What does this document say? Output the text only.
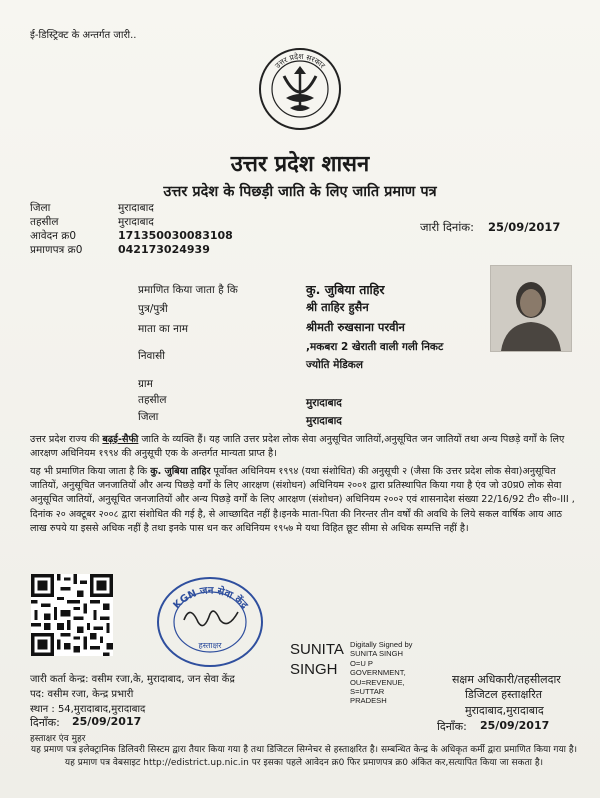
ई-डिस्ट्रिक्ट के अन्तर्गत जारी..
उत्तर प्रदेश सरकार
उत्तर प्रदेश शासन
उत्तर प्रदेश के पिछड़ी जाति के लिए जाति प्रमाण पत्र
जिला	मुरादाबाद
तहसील	मुरादाबाद
आवेदन क्र0	171350030083108
प्रमाणपत्र क्र0	042173024939
जारी दिनांक: 25/09/2017
प्रमाणित किया जाता है कि	कु. जुबिया ताहिर
पुत्र/पुत्री	श्री ताहिर हुसैन
माता का नाम	श्रीमती रुखसाना परवीन
निवासी
,मकबरा 2 खेराती वाली गली निकट
ज्योति मेडिकल
ग्राम
तहसील	मुरादाबाद
जिला	मुरादाबाद
उत्तर प्रदेश राज्य की बढ़ई-सैफी जाति के व्यक्ति हैं। यह जाति उत्तर प्रदेश लोक सेवा अनुसूचित जातियों,अनुसूचित जन जातियों तथा अन्य पिछड़े वर्गों के लिए आरक्षण अधिनियम १९९४ की अनुसूची एक के अन्तर्गत मान्यता प्राप्त है।
यह भी प्रमाणित किया जाता है कि कु. जुबिया ताहिर पूर्वोक्त अधिनियम १९९४ (यथा संशोधित) की अनुसूची २ (जैसा कि उत्तर प्रदेश लोक सेवा)अनुसूचित जातियों, अनुसूचित जनजातियों और अन्य पिछड़े वर्गों के लिए आरक्षण (संशोधन) अधिनियम २००१ द्वारा प्रतिस्थापित किया गया है एंव जो उ0प्र0 लोक सेवा अनुसूचित जातियों, अनुसूचित जनजातियों और अन्य पिछड़े वर्गों के लिए आरक्षण (संशोधन) अधिनियम २००२ एवं शासनादेश संख्या 22/16/92 टी० सी०-III , दिनांक २० अक्टूबर २००८ द्वारा संशोधित की गई है, से आच्छादित नहीं है।इनके माता-पिता की निरन्तर तीन वर्षों की अवधि के लिये सकल वार्षिक आय आठ लाख रुपये या इससे अधिक नहीं है तथा इनके पास धन कर अधिनियम १९५७ मे यथा विहित छूट सीमा से अधिक सम्पत्ति नहीं है।
KGN जन सेवा केंद्र
हस्ताक्षर
जारी कर्ता केन्द्र: वसीम रजा,के, मुरादाबाद, जन सेवा केंद्र
पद: वसीम रजा, केन्द्र प्रभारी
स्थान : 54,मुरादाबाद,मुरादाबाद
दिनाँक: 25/09/2017
हस्ताक्षर एंव मुहर
SUNITA
SINGH
Digitally Signed by
SUNITA SINGH
O=U P
GOVERNMENT,
OU=REVENUE,
S=UTTAR
PRADESH
सक्षम अधिकारी/तहसीलदार
डिजिटल हस्ताक्षरित
मुरादाबाद,मुरादाबाद
दिनाँक: 25/09/2017
यह प्रमाण पत्र इलेक्ट्रानिक डिलिवरी सिस्टम द्वारा तैयार किया गया है तथा डिजिटल सिग्नेचर से हस्ताक्षरित है। सम्बन्धित केन्द्र के अधिकृत कर्मी द्वारा प्रमाणित किया गया है। यह प्रमाण पत्र वेबसाइट http://edistrict.up.nic.in पर इसका पहले आवेदन क्र0 फिर प्रमाणपत्र क्र0 अंकित कर,सत्यापित किया जा सकता है।
